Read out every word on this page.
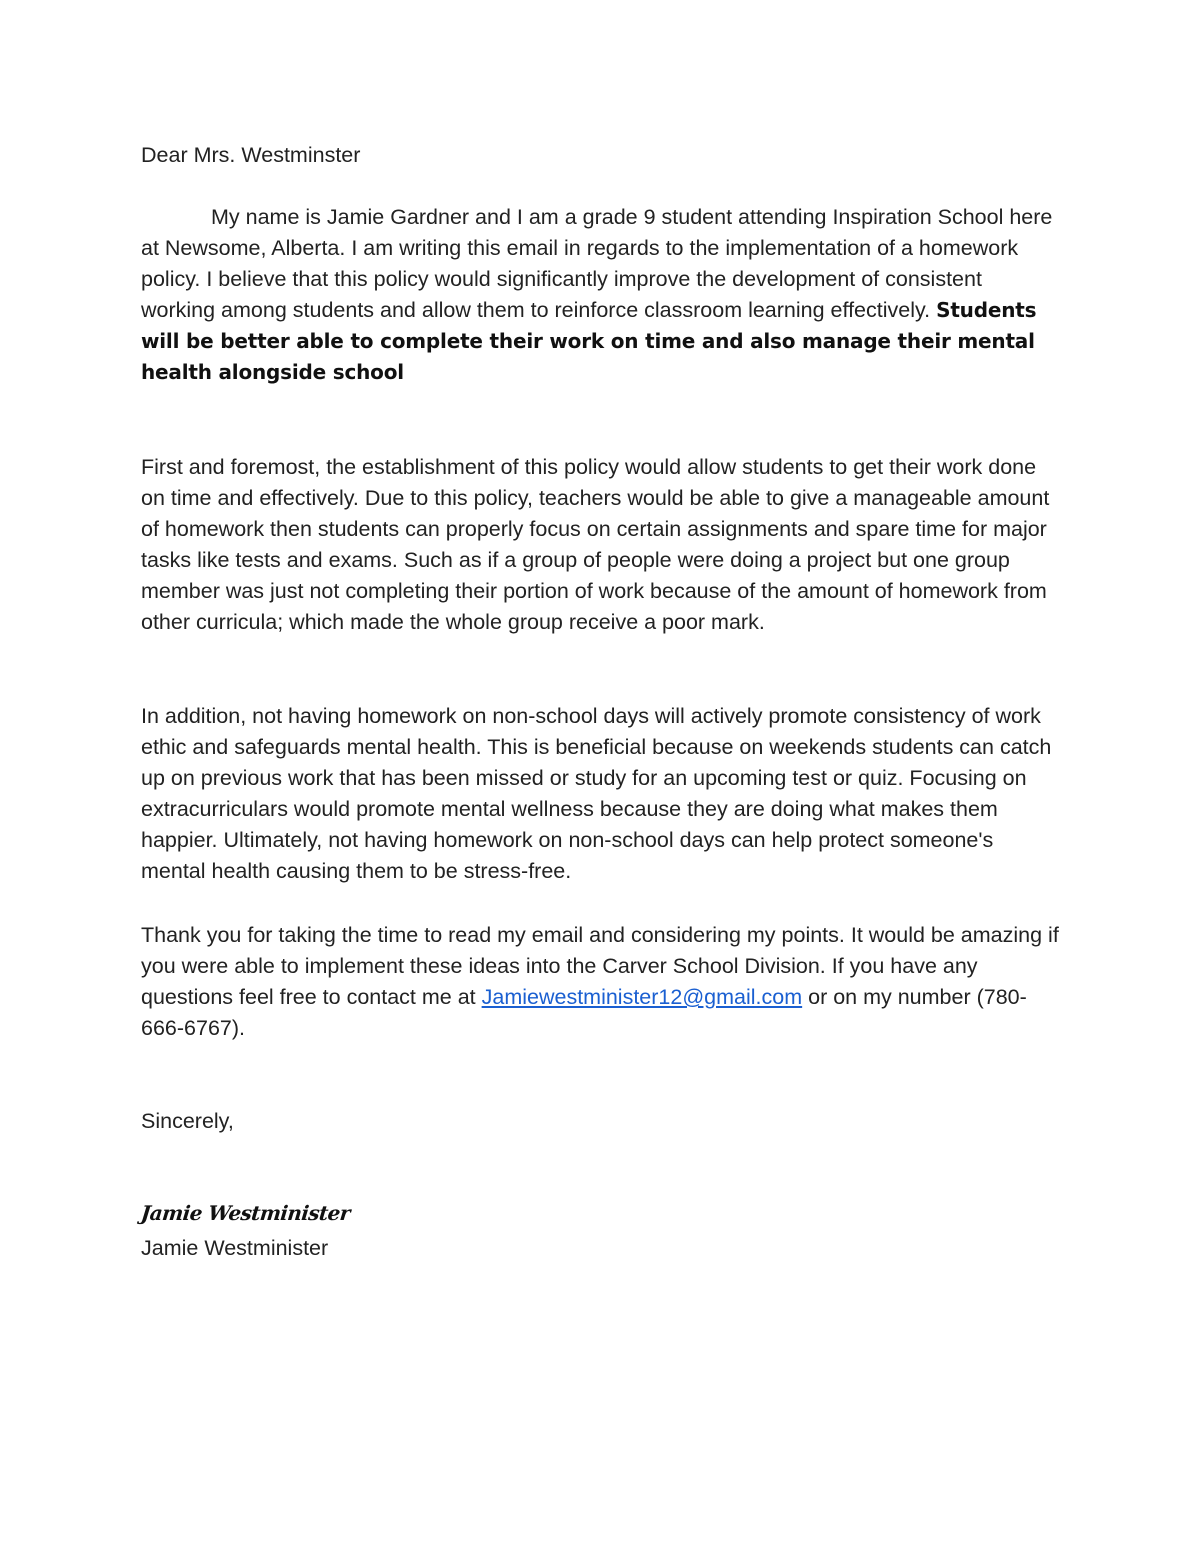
Dear Mrs. Westminster

My name is Jamie Gardner and I am a grade 9 student attending Inspiration School here at Newsome, Alberta. I am writing this email in regards to the implementation of a homework policy. I believe that this policy would significantly improve the development of consistent working among students and allow them to reinforce classroom learning effectively. Students will be better able to complete their work on time and also manage their mental health alongside school

First and foremost, the establishment of this policy would allow students to get their work done on time and effectively. Due to this policy, teachers would be able to give a manageable amount of homework then students can properly focus on certain assignments and spare time for major tasks like tests and exams. Such as if a group of people were doing a project but one group member was just not completing their portion of work because of the amount of homework from other curricula; which made the whole group receive a poor mark.

In addition, not having homework on non-school days will actively promote consistency of work ethic and safeguards mental health. This is beneficial because on weekends students can catch up on previous work that has been missed or study for an upcoming test or quiz. Focusing on extracurriculars would promote mental wellness because they are doing what makes them happier. Ultimately, not having homework on non-school days can help protect someone's mental health causing them to be stress-free.

Thank you for taking the time to read my email and considering my points. It would be amazing if you were able to implement these ideas into the Carver School Division. If you have any questions feel free to contact me at Jamiewestminister12@gmail.com or on my number (780-666-6767).

Sincerely,

Jamie Westminister

Jamie Westminister
